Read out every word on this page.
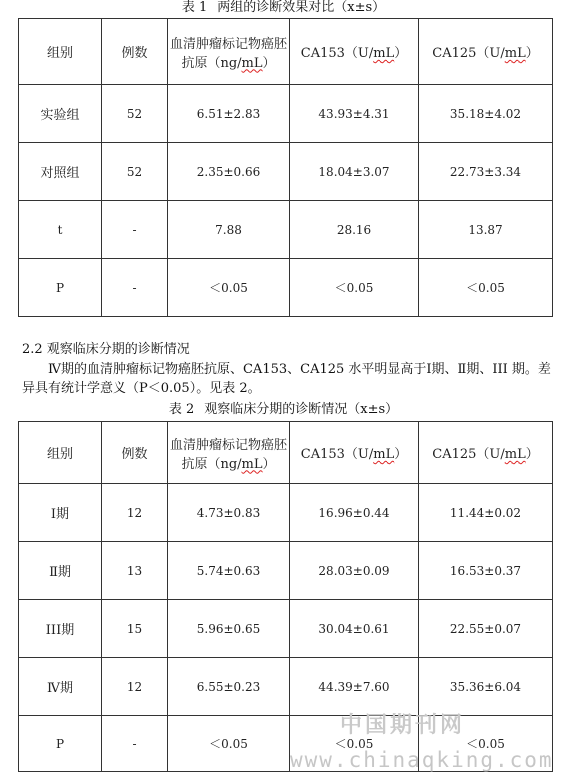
表 1 两组的诊断效果对比（x±s）
组别	例数	血清肿瘤标记物癌胚抗原（ng/mL）	CA153（U/mL）	CA125（U/mL）
实验组	52	6.51±2.83	43.93±4.31	35.18±4.02
对照组	52	2.35±0.66	18.04±3.07	22.73±3.34
t	-	7.88	28.16	13.87
P	-	＜0.05	＜0.05	＜0.05
2.2 观察临床分期的诊断情况
Ⅳ期的血清肿瘤标记物癌胚抗原、CA153、CA125 水平明显高于Ⅰ期、Ⅱ期、III 期。差异具有统计学意义（P＜0.05）。见表 2。
表 2 观察临床分期的诊断情况（x±s）
组别	例数	血清肿瘤标记物癌胚抗原（ng/mL）	CA153（U/mL）	CA125（U/mL）
Ⅰ期	12	4.73±0.83	16.96±0.44	11.44±0.02
Ⅱ期	13	5.74±0.63	28.03±0.09	16.53±0.37
III期	15	5.96±0.65	30.04±0.61	22.55±0.07
Ⅳ期	12	6.55±0.23	44.39±7.60	35.36±6.04
P	-	＜0.05	＜0.05	＜0.05
中国期刊网
www.chinaqking.com
